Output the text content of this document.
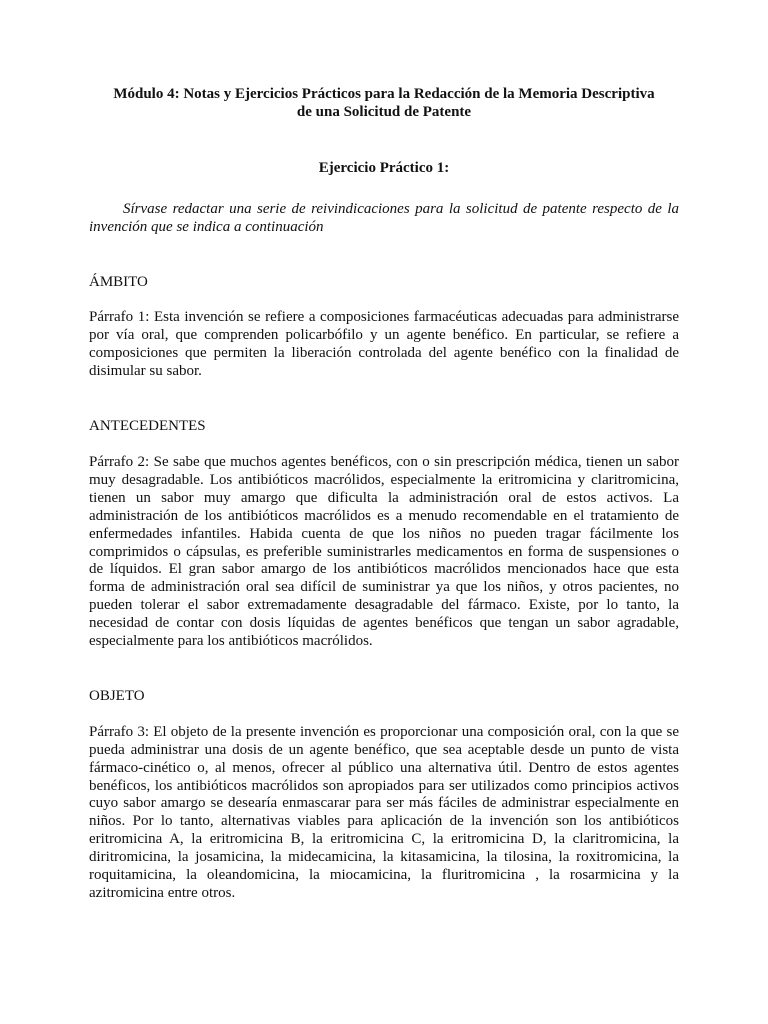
Módulo 4: Notas y Ejercicios Prácticos para la Redacción de la Memoria Descriptiva de una Solicitud de Patente

Ejercicio Práctico 1:

Sírvase redactar una serie de reivindicaciones para la solicitud de patente respecto de la invención que se indica a continuación

ÁMBITO

Párrafo 1: Esta invención se refiere a composiciones farmacéuticas adecuadas para administrarse por vía oral, que comprenden policarbófilo y un agente benéfico. En particular, se refiere a composiciones que permiten la liberación controlada del agente benéfico con la finalidad de disimular su sabor.

ANTECEDENTES

Párrafo 2: Se sabe que muchos agentes benéficos, con o sin prescripción médica, tienen un sabor muy desagradable. Los antibióticos macrólidos, especialmente la eritromicina y claritromicina, tienen un sabor muy amargo que dificulta la administración oral de estos activos. La administración de los antibióticos macrólidos es a menudo recomendable en el tratamiento de enfermedades infantiles. Habida cuenta de que los niños no pueden tragar fácilmente los comprimidos o cápsulas, es preferible suministrarles medicamentos en forma de suspensiones o de líquidos. El gran sabor amargo de los antibióticos macrólidos mencionados hace que esta forma de administración oral sea difícil de suministrar ya que los niños, y otros pacientes, no pueden tolerar el sabor extremadamente desagradable del fármaco. Existe, por lo tanto, la necesidad de contar con dosis líquidas de agentes benéficos que tengan un sabor agradable, especialmente para los antibióticos macrólidos.

OBJETO

Párrafo 3: El objeto de la presente invención es proporcionar una composición oral, con la que se pueda administrar una dosis de un agente benéfico, que sea aceptable desde un punto de vista fármaco-cinético o, al menos, ofrecer al público una alternativa útil. Dentro de estos agentes benéficos, los antibióticos macrólidos son apropiados para ser utilizados como principios activos cuyo sabor amargo se desearía enmascarar para ser más fáciles de administrar especialmente en niños. Por lo tanto, alternativas viables para aplicación de la invención son los antibióticos eritromicina A, la eritromicina B, la eritromicina C, la eritromicina D, la claritromicina, la diritromicina, la josamicina, la midecamicina, la kitasamicina, la tilosina, la roxitromicina, la roquitamicina, la oleandomicina, la miocamicina, la fluritromicina , la rosarmicina y la azitromicina entre otros.
